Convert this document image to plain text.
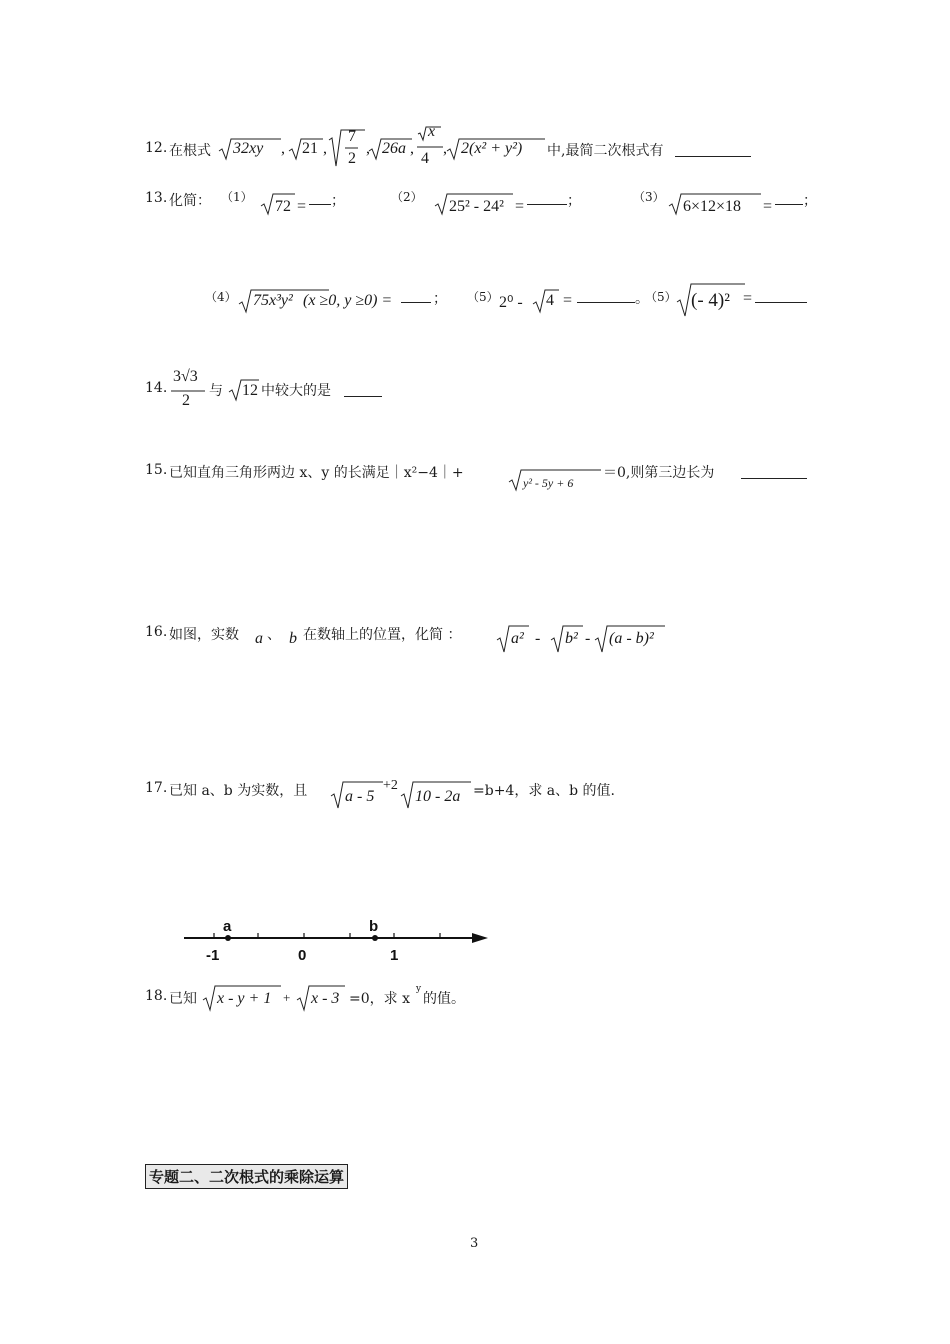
12. 在根式 32xy , 21 ,
7
2
, 26a ,
x
4
, 2(x² + y²) 中,最简二次根式有
13. 化简： （1）
72 = ；	（2）
25² - 24² =	；	（3）
6×12×18 = ；
（4） 75x³y² (x ≥0, y ≥0) =	； （5） 2⁰ - 4 =	。
（5） (- 4)² =
14.
3√3
2
与 12 中较大的是
15. 已知直角三角形两边 x、y 的长满足｜x²−4｜+
y² - 5y + 6
＝0,则第三边长为
16. 如图，实数 a 、 b 在数轴上的位置，化简 ：	a² - b² - (a - b)²
17. 已知 a、b 为实数，且 a - 5
+2
10 - 2a =b+4，求 a、b 的值.
a	b
-1	0	1
18. 已知 x - y + 1 + x - 3 =0，求 x
y
的值。
专题二、二次根式的乘除运算
3
